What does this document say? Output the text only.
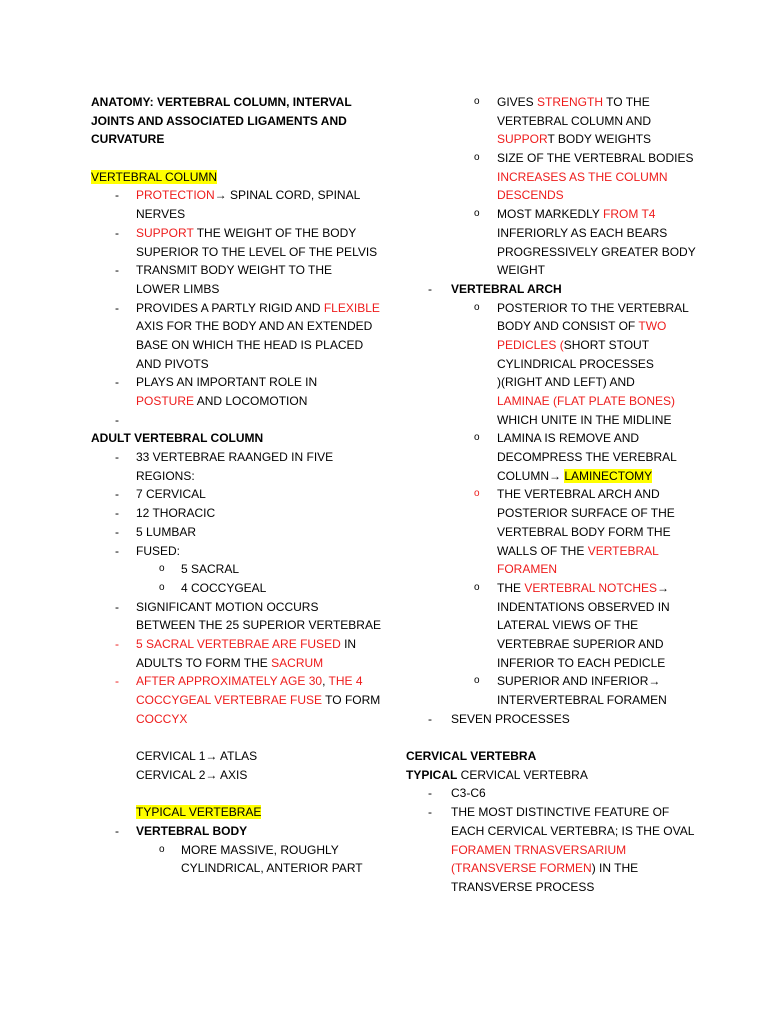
ANATOMY: VERTEBRAL COLUMN, INTERVAL
JOINTS AND ASSOCIATED LIGAMENTS AND
CURVATURE
VERTEBRAL COLUMN
-	PROTECTION→ SPINAL CORD, SPINAL
NERVES
-	SUPPORT THE WEIGHT OF THE BODY
SUPERIOR TO THE LEVEL OF THE PELVIS
-	TRANSMIT BODY WEIGHT TO THE
LOWER LIMBS
-	PROVIDES A PARTLY RIGID AND FLEXIBLE
AXIS FOR THE BODY AND AN EXTENDED
BASE ON WHICH THE HEAD IS PLACED
AND PIVOTS
-	PLAYS AN IMPORTANT ROLE IN
POSTURE AND LOCOMOTION
-
ADULT VERTEBRAL COLUMN
-	33 VERTEBRAE RAANGED IN FIVE
REGIONS:
-	7 CERVICAL
-	12 THORACIC
-	5 LUMBAR
-	FUSED:
o	5 SACRAL
o	4 COCCYGEAL
-	SIGNIFICANT MOTION OCCURS
BETWEEN THE 25 SUPERIOR VERTEBRAE
-	5 SACRAL VERTEBRAE ARE FUSED IN
ADULTS TO FORM THE SACRUM
-	AFTER APPROXIMATELY AGE 30, THE 4
COCCYGEAL VERTEBRAE FUSE TO FORM
COCCYX
CERVICAL 1→ ATLAS
CERVICAL 2→ AXIS
TYPICAL VERTEBRAE
-	VERTEBRAL BODY
o	MORE MASSIVE, ROUGHLY
CYLINDRICAL, ANTERIOR PART
o	GIVES STRENGTH TO THE
VERTEBRAL COLUMN AND
SUPPORT BODY WEIGHTS
o	SIZE OF THE VERTEBRAL BODIES
INCREASES AS THE COLUMN
DESCENDS
o	MOST MARKEDLY FROM T4
INFERIORLY AS EACH BEARS
PROGRESSIVELY GREATER BODY
WEIGHT
-	VERTEBRAL ARCH
o	POSTERIOR TO THE VERTEBRAL
BODY AND CONSIST OF TWO
PEDICLES (SHORT STOUT
CYLINDRICAL PROCESSES
)(RIGHT AND LEFT) AND
LAMINAE (FLAT PLATE BONES)
WHICH UNITE IN THE MIDLINE
o	LAMINA IS REMOVE AND
DECOMPRESS THE VEREBRAL
COLUMN→ LAMINECTOMY
o	THE VERTEBRAL ARCH AND
POSTERIOR SURFACE OF THE
VERTEBRAL BODY FORM THE
WALLS OF THE VERTEBRAL
FORAMEN
o	THE VERTEBRAL NOTCHES→
INDENTATIONS OBSERVED IN
LATERAL VIEWS OF THE
VERTEBRAE SUPERIOR AND
INFERIOR TO EACH PEDICLE
o	SUPERIOR AND INFERIOR→
INTERVERTEBRAL FORAMEN
-	SEVEN PROCESSES
CERVICAL VERTEBRA
TYPICAL CERVICAL VERTEBRA
-	C3-C6
-	THE MOST DISTINCTIVE FEATURE OF
EACH CERVICAL VERTEBRA; IS THE OVAL
FORAMEN TRNASVERSARIUM
(TRANSVERSE FORMEN) IN THE
TRANSVERSE PROCESS
